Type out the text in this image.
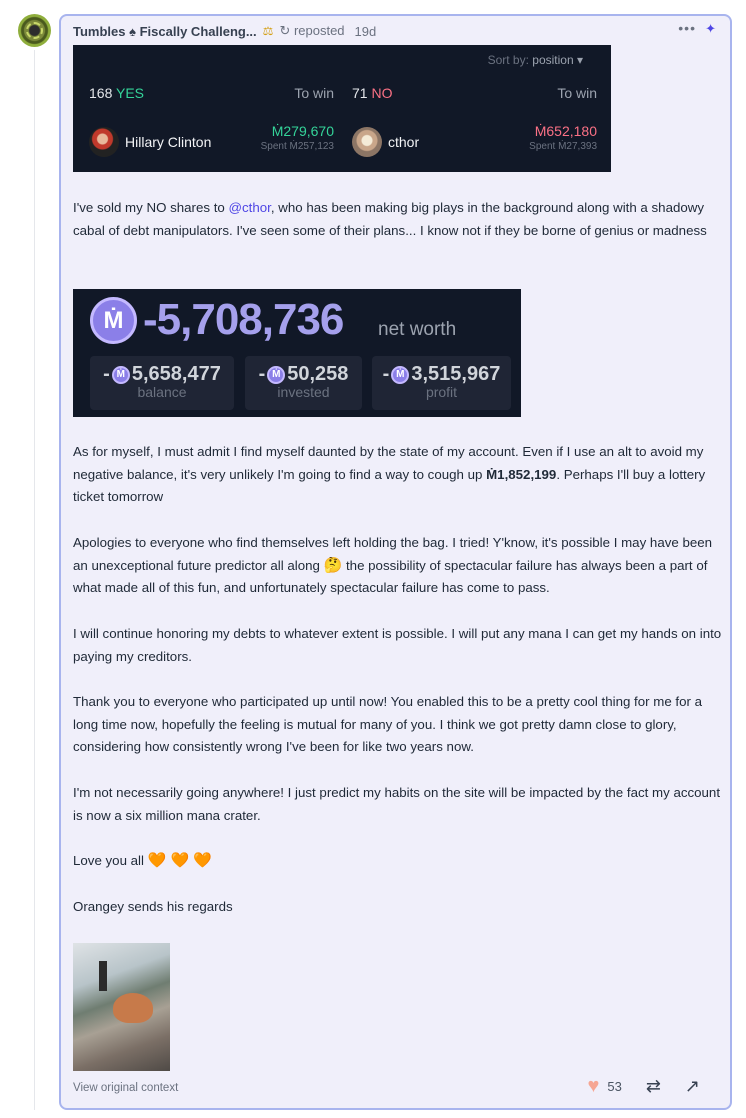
Tumbles ♠ Fiscally Challeng... ⚖ ↻ reposted 19d	••• ✦
Sort by: position ▾
168 YES	To win
Hillary Clinton
Ṁ279,670
Spent Ṁ257,123
71 NO	To win
cthor
Ṁ652,180
Spent Ṁ27,393
I've sold my NO shares to @cthor, who has been making big plays in the background along with a shadowy cabal of debt manipulators. I've seen some of their plans... I know not if they be borne of genius or madness
Ṁ -5,708,736 net worth
- Ṁ 5,658,477
balance
- Ṁ 50,258
invested
- Ṁ 3,515,967
profit
As for myself, I must admit I find myself daunted by the state of my account. Even if I use an alt to avoid my negative balance, it's very unlikely I'm going to find a way to cough up Ṁ1,852,199. Perhaps I'll buy a lottery ticket tomorrow
Apologies to everyone who find themselves left holding the bag. I tried! Y'know, it's possible I may have been an unexceptional future predictor all along 🤔 the possibility of spectacular failure has always been a part of what made all of this fun, and unfortunately spectacular failure has come to pass.
I will continue honoring my debts to whatever extent is possible. I will put any mana I can get my hands on into paying my creditors.
Thank you to everyone who participated up until now! You enabled this to be a pretty cool thing for me for a long time now, hopefully the feeling is mutual for many of you. I think we got pretty damn close to glory, considering how consistently wrong I've been for like two years now.
I'm not necessarily going anywhere! I just predict my habits on the site will be impacted by the fact my account is now a six million mana crater.
Love you all 🧡 🧡 🧡
Orangey sends his regards
View original context	♥ 53 ⇄ ↗
